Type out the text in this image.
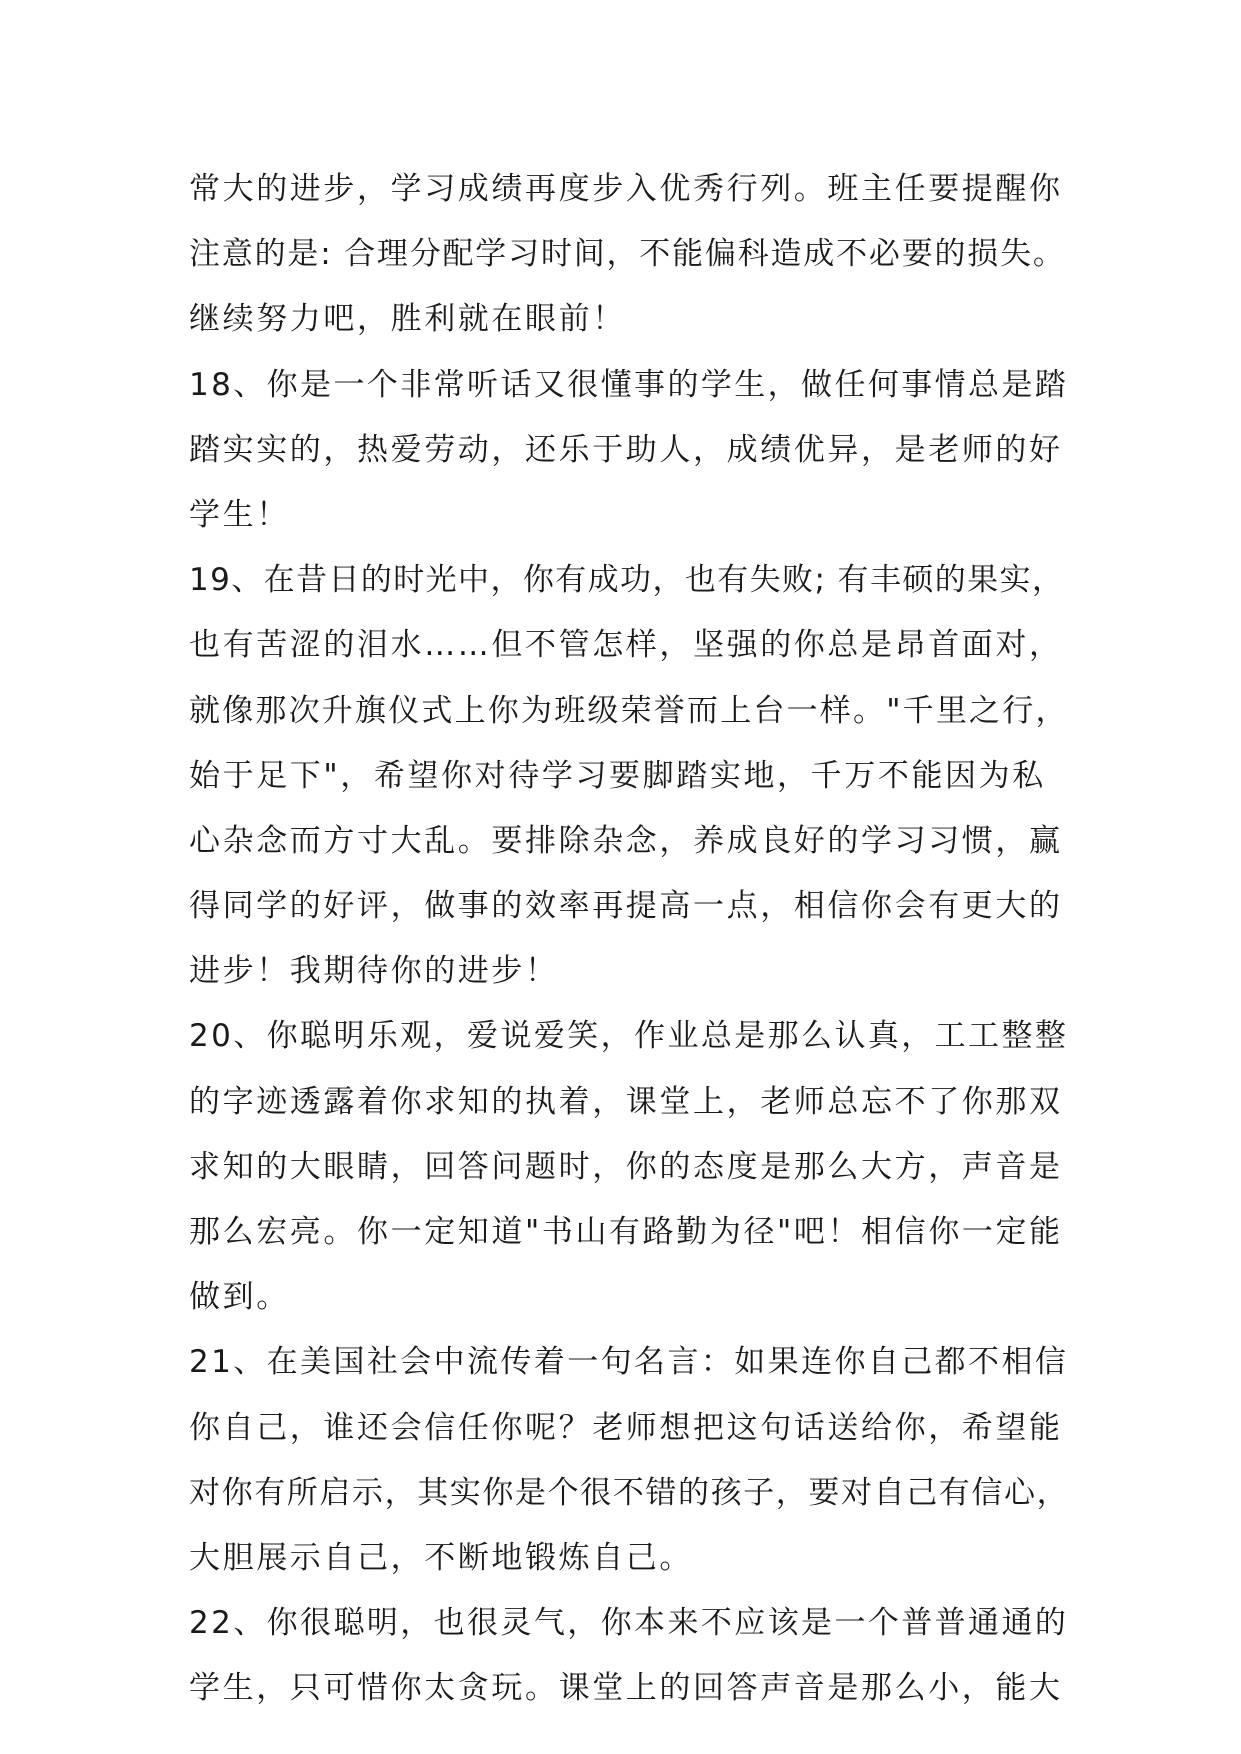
常大的进步，学习成绩再度步入优秀行列。班主任要提醒你
注意的是: 合理分配学习时间，不能偏科造成不必要的损失。
继续努力吧，胜利就在眼前！
18、你是一个非常听话又很懂事的学生，做任何事情总是踏
踏实实的，热爱劳动，还乐于助人，成绩优异，是老师的好
学生！
19、在昔日的时光中，你有成功，也有失败; 有丰硕的果实，
也有苦涩的泪水……但不管怎样，坚强的你总是昂首面对，
就像那次升旗仪式上你为班级荣誉而上台一样。"千里之行，
始于足下"，希望你对待学习要脚踏实地，千万不能因为私
心杂念而方寸大乱。要排除杂念，养成良好的学习习惯，赢
得同学的好评，做事的效率再提高一点，相信你会有更大的
进步！我期待你的进步！
20、你聪明乐观，爱说爱笑，作业总是那么认真，工工整整
的字迹透露着你求知的执着，课堂上，老师总忘不了你那双
求知的大眼睛，回答问题时，你的态度是那么大方，声音是
那么宏亮。你一定知道"书山有路勤为径"吧！相信你一定能
做到。
21、在美国社会中流传着一句名言：如果连你自己都不相信
你自己，谁还会信任你呢？老师想把这句话送给你，希望能
对你有所启示，其实你是个很不错的孩子，要对自己有信心，
大胆展示自己，不断地锻炼自己。
22、你很聪明，也很灵气，你本来不应该是一个普普通通的
学生，只可惜你太贪玩。课堂上的回答声音是那么小，能大
